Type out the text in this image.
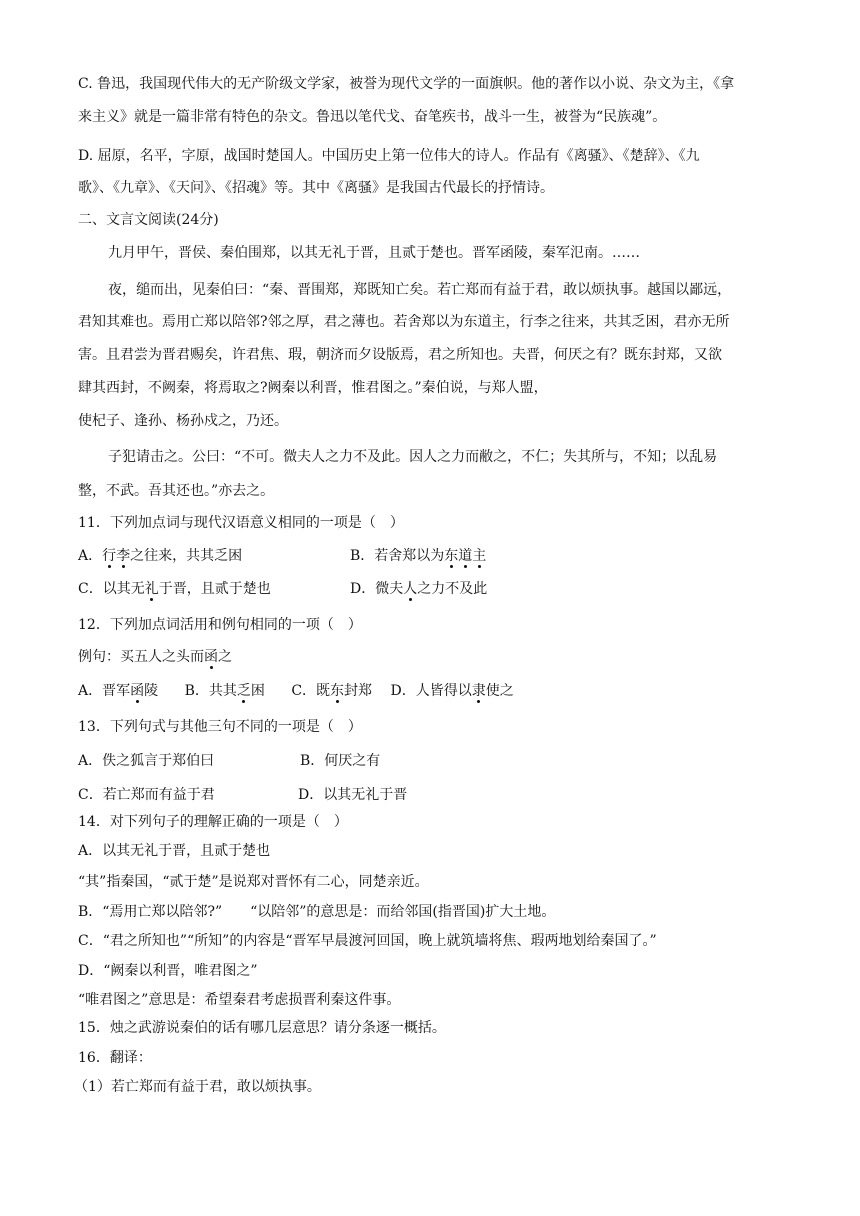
C. 鲁迅，我国现代伟大的无产阶级文学家，被誉为现代文学的一面旗帜。他的著作以小说、杂文为主，《拿
来主义》就是一篇非常有特色的杂文。鲁迅以笔代戈、奋笔疾书，战斗一生，被誉为“民族魂”。
D. 屈原，名平，字原，战国时楚国人。中国历史上第一位伟大的诗人。作品有《离骚》、《楚辞》、《九
歌》、《九章》、《天问》、《招魂》等。其中《离骚》是我国古代最长的抒情诗。
二、文言文阅读(24分)
九月甲午，晋侯、秦伯围郑，以其无礼于晋，且贰于楚也。晋军函陵，秦军氾南。……
夜，缒而出，见秦伯曰：“秦、晋围郑，郑既知亡矣。若亡郑而有益于君，敢以烦执事。越国以鄙远，
君知其难也。焉用亡郑以陪邻?邻之厚，君之薄也。若舍郑以为东道主，行李之往来，共其乏困，君亦无所
害。且君尝为晋君赐矣，许君焦、瑕，朝济而夕设版焉，君之所知也。夫晋，何厌之有？既东封郑，又欲
肆其西封，不阙秦，将焉取之?阙秦以利晋，惟君图之。”秦伯说，与郑人盟，
使杞子、逢孙、杨孙戍之，乃还。
子犯请击之。公曰：“不可。微夫人之力不及此。因人之力而敝之，不仁；失其所与，不知；以乱易
整，不武。吾其还也。”亦去之。
11．下列加点词与现代汉语意义相同的一项是（　）
A．行李之往来，共其乏困	B．若舍郑以为东道主
C．以其无礼于晋，且贰于楚也	D．微夫人之力不及此
12．下列加点词活用和例句相同的一项（　）
例句：买五人之头而函之
A．晋军函陵 B．共其乏困 C．既东封郑 D．人皆得以隶使之
13．下列句式与其他三句不同的一项是（　）
A．佚之狐言于郑伯曰	B．何厌之有
C．若亡郑而有益于君	D．以其无礼于晋
14．对下列句子的理解正确的一项是（　）
A．以其无礼于晋，且贰于楚也
“其”指秦国，“贰于楚”是说郑对晋怀有二心，同楚亲近。
B．“焉用亡郑以陪邻?”　　“以陪邻”的意思是：而给邻国(指晋国)扩大土地。
C．“君之所知也”“所知”的内容是“晋军早晨渡河回国，晚上就筑墙将焦、瑕两地划给秦国了。”
D．“阙秦以利晋，唯君图之”
“唯君图之”意思是：希望秦君考虑损晋利秦这件事。
15．烛之武游说秦伯的话有哪几层意思？请分条逐一概括。
16．翻译：
（1）若亡郑而有益于君，敢以烦执事。
